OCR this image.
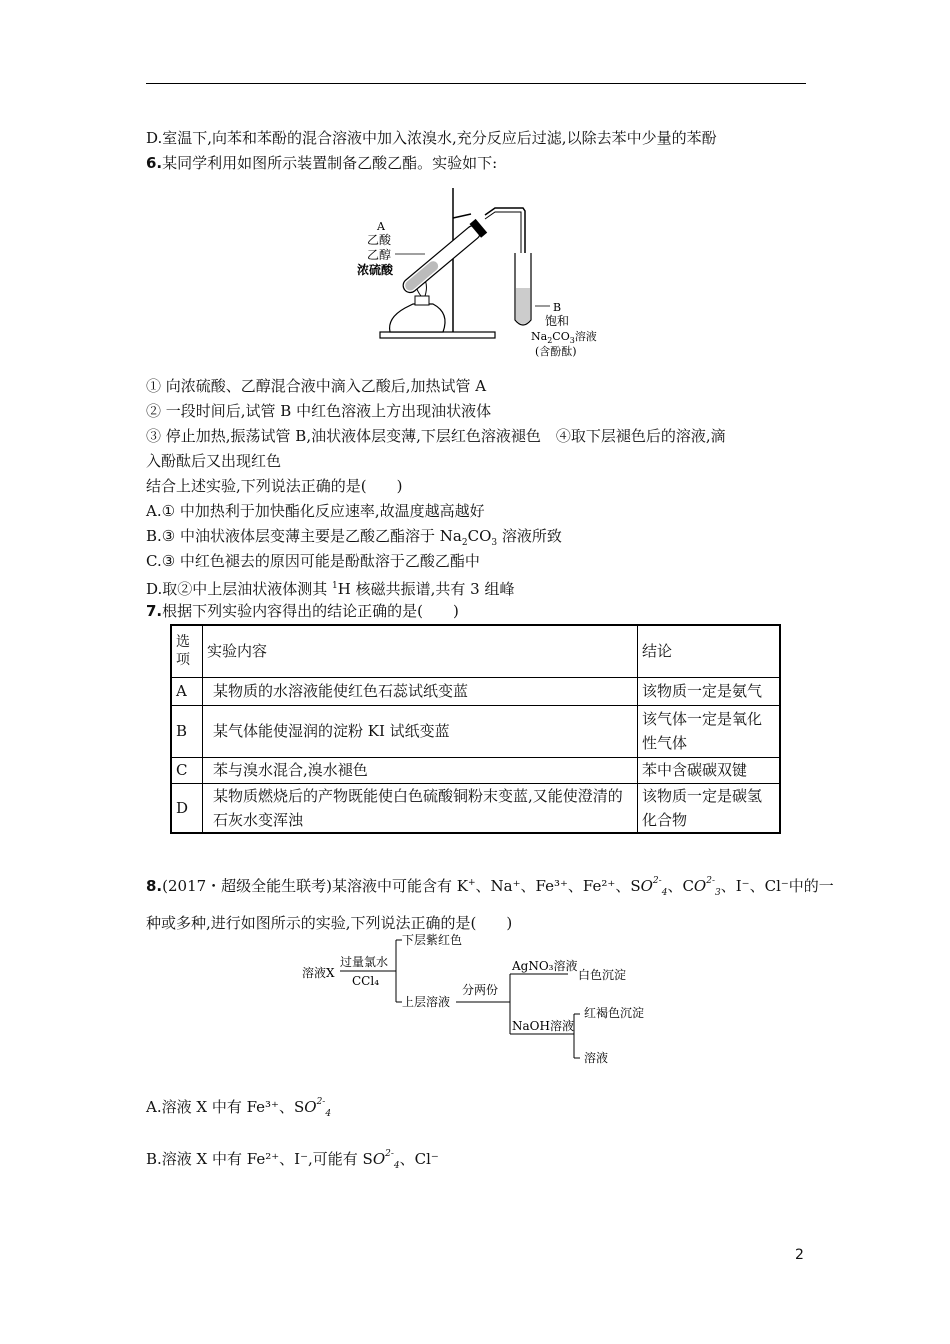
D.室温下,向苯和苯酚的混合溶液中加入浓溴水,充分反应后过滤,以除去苯中少量的苯酚
6.某同学利用如图所示装置制备乙酸乙酯。实验如下:
A
乙酸
乙醇
浓硫酸
B
饱和
$Na_2CO_3$溶液
(含酚酞)
① 向浓硫酸、乙醇混合液中滴入乙酸后,加热试管 A
② 一段时间后,试管 B 中红色溶液上方出现油状液体
③ 停止加热,振荡试管 B,油状液体层变薄,下层红色溶液褪色　④取下层褪色后的溶液,滴
入酚酞后又出现红色
结合上述实验,下列说法正确的是(　　)
A.① 中加热利于加快酯化反应速率,故温度越高越好
B.③ 中油状液体层变薄主要是乙酸乙酯溶于 $Na_2CO_3$ 溶液所致
C.③ 中红色褪去的原因可能是酚酞溶于乙酸乙酯中
D.取②中上层油状液体测其 $^1$H 核磁共振谱,共有 3 组峰
7.根据下列实验内容得出的结论正确的是(　　)
选项	实验内容	结论
A	某物质的水溶液能使红色石蕊试纸变蓝	该物质一定是氨气
B	某气体能使湿润的淀粉 KI 试纸变蓝	该气体一定是氧化性气体
C	苯与溴水混合,溴水褪色	苯中含碳碳双键
D	某物质燃烧后的产物既能使白色硫酸铜粉末变蓝,又能使澄清的石灰水变浑浊	该物质一定是碳氢化合物
8.(2017・超级全能生联考)某溶液中可能含有 K+、Na⁺、Fe³⁺、Fe²⁺、$SO^{2-}_4$、$CO^{2-}_3$、I⁻、Cl⁻中的一
种或多种,进行如图所示的实验,下列说法正确的是(　　)
溶液X
过量氯水
CCl₄
下层紫红色
上层溶液
分两份
AgNO₃溶液
白色沉淀
NaOH溶液
红褐色沉淀
溶液
A.溶液 X 中有 Fe³⁺、$SO^{2-}_4$
B.溶液 X 中有 Fe²⁺、I⁻,可能有 $SO^{2-}_4$、Cl⁻
2
